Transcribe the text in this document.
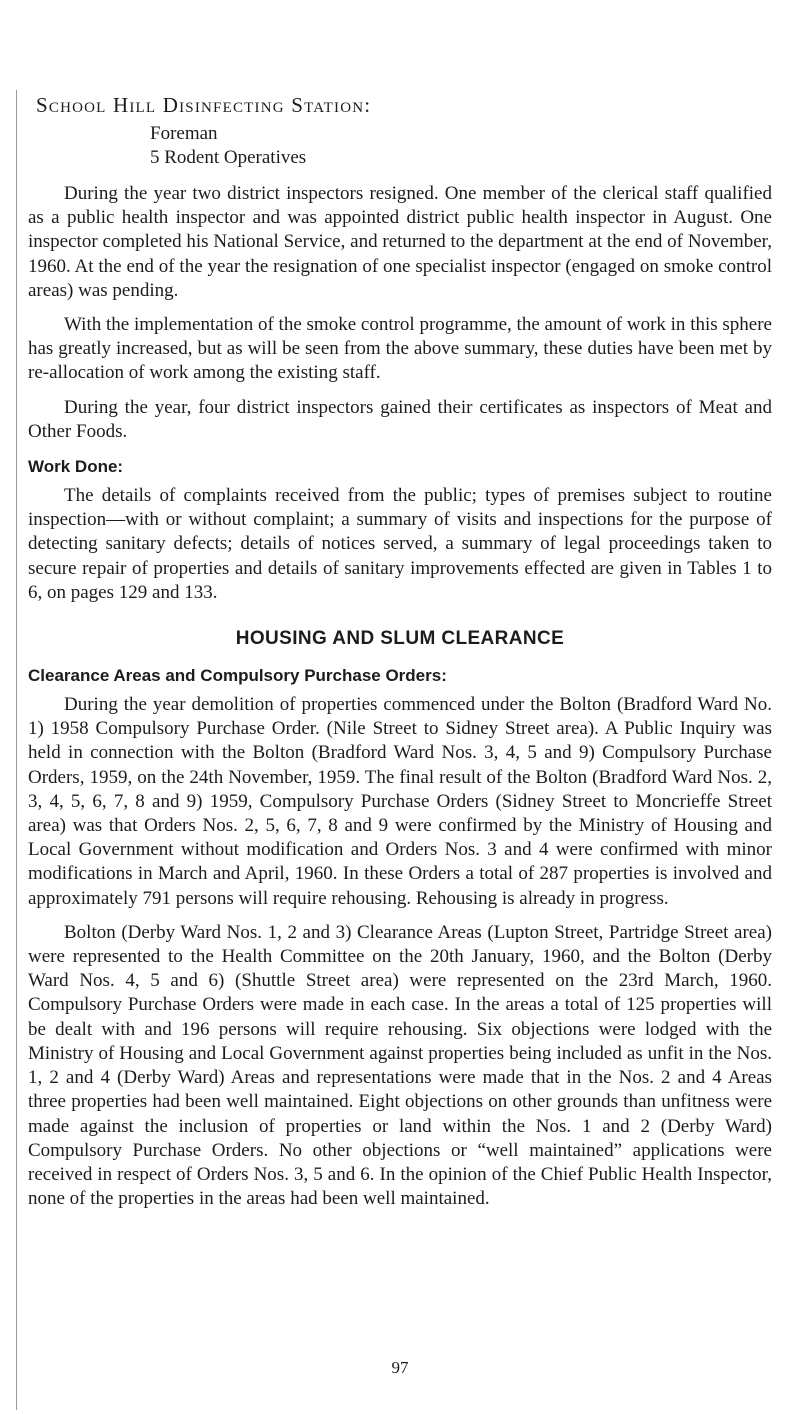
School Hill Disinfecting Station:
Foreman
5 Rodent Operatives

During the year two district inspectors resigned. One member of the clerical staff qualified as a public health inspector and was appointed district public health inspector in August. One inspector completed his National Service, and returned to the department at the end of November, 1960. At the end of the year the resignation of one specialist inspector (engaged on smoke control areas) was pending.

With the implementation of the smoke control programme, the amount of work in this sphere has greatly increased, but as will be seen from the above summary, these duties have been met by re-allocation of work among the existing staff.

During the year, four district inspectors gained their certificates as inspectors of Meat and Other Foods.

Work Done:

The details of complaints received from the public; types of premises subject to routine inspection—with or without complaint; a summary of visits and inspections for the purpose of detecting sanitary defects; details of notices served, a summary of legal proceedings taken to secure repair of properties and details of sanitary improvements effected are given in Tables 1 to 6, on pages 129 and 133.

HOUSING AND SLUM CLEARANCE
Clearance Areas and Compulsory Purchase Orders:

During the year demolition of properties commenced under the Bolton (Bradford Ward No. 1) 1958 Compulsory Purchase Order. (Nile Street to Sidney Street area). A Public Inquiry was held in connection with the Bolton (Bradford Ward Nos. 3, 4, 5 and 9) Compulsory Purchase Orders, 1959, on the 24th November, 1959. The final result of the Bolton (Bradford Ward Nos. 2, 3, 4, 5, 6, 7, 8 and 9) 1959, Compulsory Purchase Orders (Sidney Street to Moncrieffe Street area) was that Orders Nos. 2, 5, 6, 7, 8 and 9 were confirmed by the Ministry of Housing and Local Government without modification and Orders Nos. 3 and 4 were confirmed with minor modifications in March and April, 1960. In these Orders a total of 287 properties is involved and approximately 791 persons will require rehousing. Rehousing is already in progress.

Bolton (Derby Ward Nos. 1, 2 and 3) Clearance Areas (Lupton Street, Partridge Street area) were represented to the Health Committee on the 20th January, 1960, and the Bolton (Derby Ward Nos. 4, 5 and 6) (Shuttle Street area) were represented on the 23rd March, 1960. Compulsory Purchase Orders were made in each case. In the areas a total of 125 properties will be dealt with and 196 persons will require rehousing. Six objections were lodged with the Ministry of Housing and Local Government against properties being included as unfit in the Nos. 1, 2 and 4 (Derby Ward) Areas and representations were made that in the Nos. 2 and 4 Areas three properties had been well maintained. Eight objections on other grounds than unfitness were made against the inclusion of properties or land within the Nos. 1 and 2 (Derby Ward) Compulsory Purchase Orders. No other objections or “well maintained” applications were received in respect of Orders Nos. 3, 5 and 6. In the opinion of the Chief Public Health Inspector, none of the properties in the areas had been well maintained.

97
